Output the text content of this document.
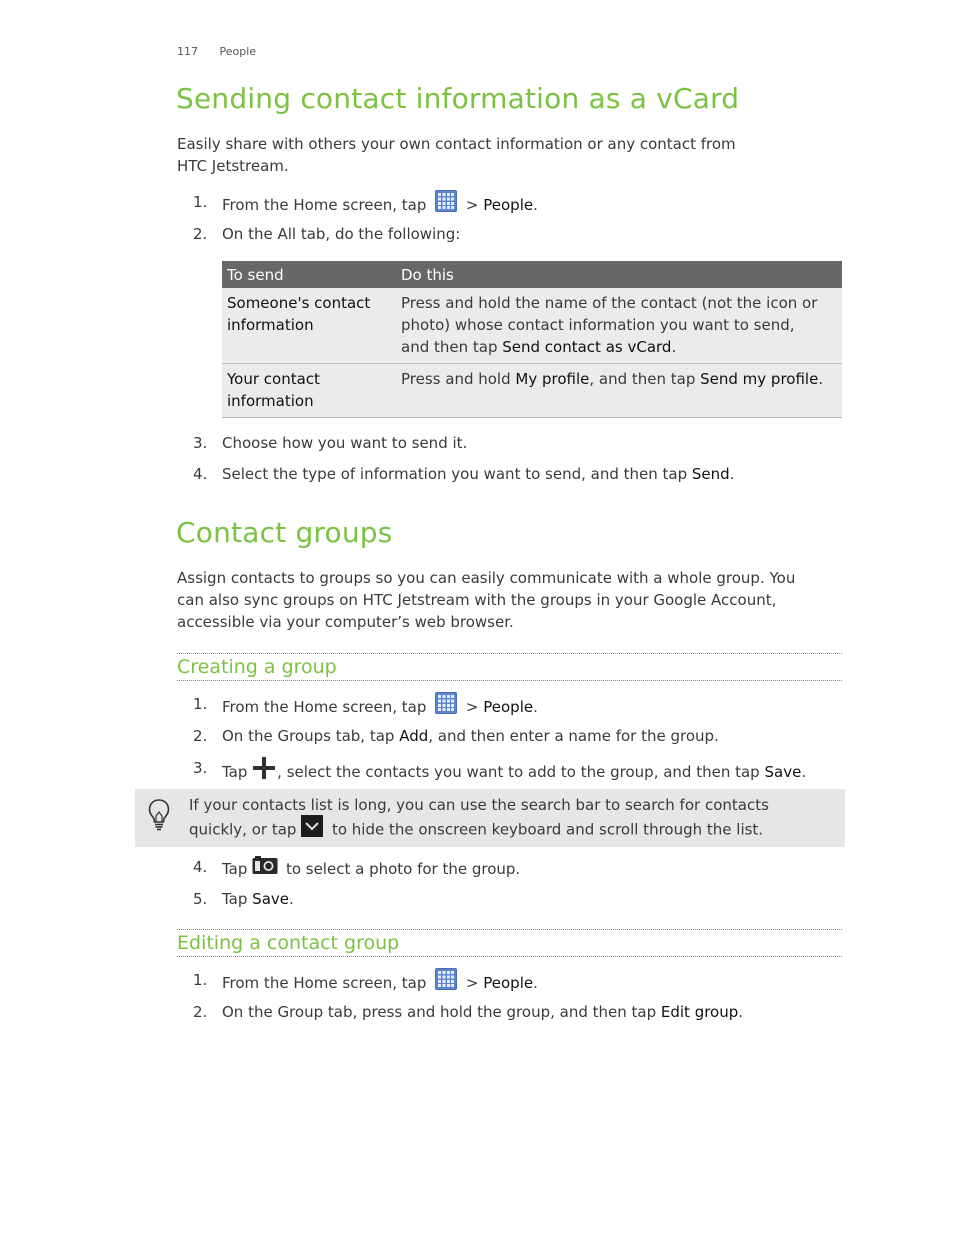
117 People
Sending contact information as a vCard

Easily share with others your own contact information or any contact from
HTC Jetstream.

1. From the Home screen, tap  > People.
2. On the All tab, do the following:
To send	Do this
Someone's contact
information	Press and hold the name of the contact (not the icon or
photo) whose contact information you want to send,
and then tap Send contact as vCard.
Your contact
information	Press and hold My profile, and then tap Send my profile.
3. Choose how you want to send it.
4. Select the type of information you want to send, and then tap Send.
Contact groups

Assign contacts to groups so you can easily communicate with a whole group. You
can also sync groups on HTC Jetstream with the groups in your Google Account,
accessible via your computer’s web browser.

Creating a group
1. From the Home screen, tap  > People.
2. On the Groups tab, tap Add, and then enter a name for the group.
3. Tap , select the contacts you want to add to the group, and then tap Save.
If your contacts list is long, you can use the search bar to search for contacts
quickly, or tap  to hide the onscreen keyboard and scroll through the list.
4. Tap  to select a photo for the group.
5. Tap Save.
Editing a contact group
1. From the Home screen, tap  > People.
2. On the Group tab, press and hold the group, and then tap Edit group.
